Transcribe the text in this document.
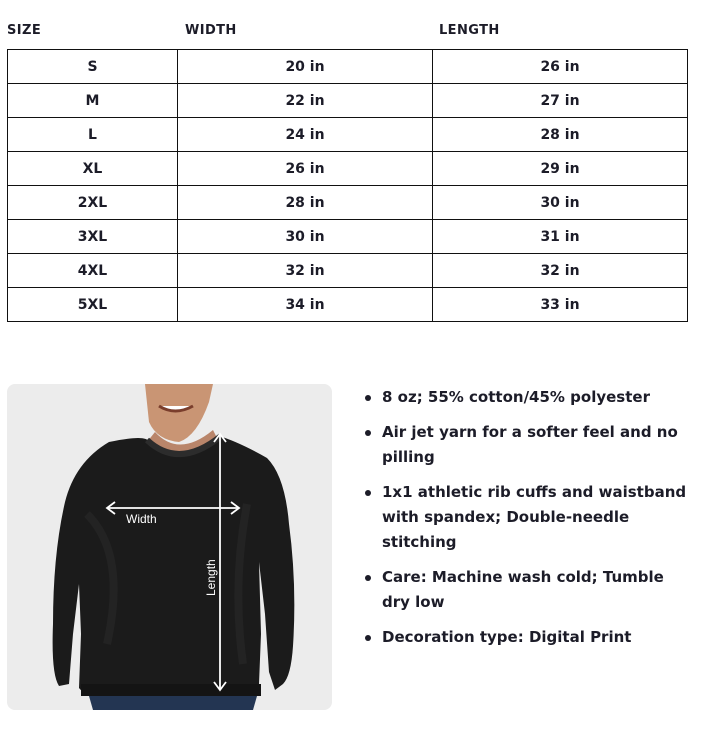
SIZE	WIDTH	LENGTH
S	20 in	26 in
M	22 in	27 in
L	24 in	28 in
XL	26 in	29 in
2XL	28 in	30 in
3XL	30 in	31 in
4XL	32 in	32 in
5XL	34 in	33 in
Width
Length
8 oz; 55% cotton/45% polyester
Air jet yarn for a softer feel and no pilling
1x1 athletic rib cuffs and waistband with spandex; Double-needle stitching
Care: Machine wash cold; Tumble dry low
Decoration type: Digital Print
